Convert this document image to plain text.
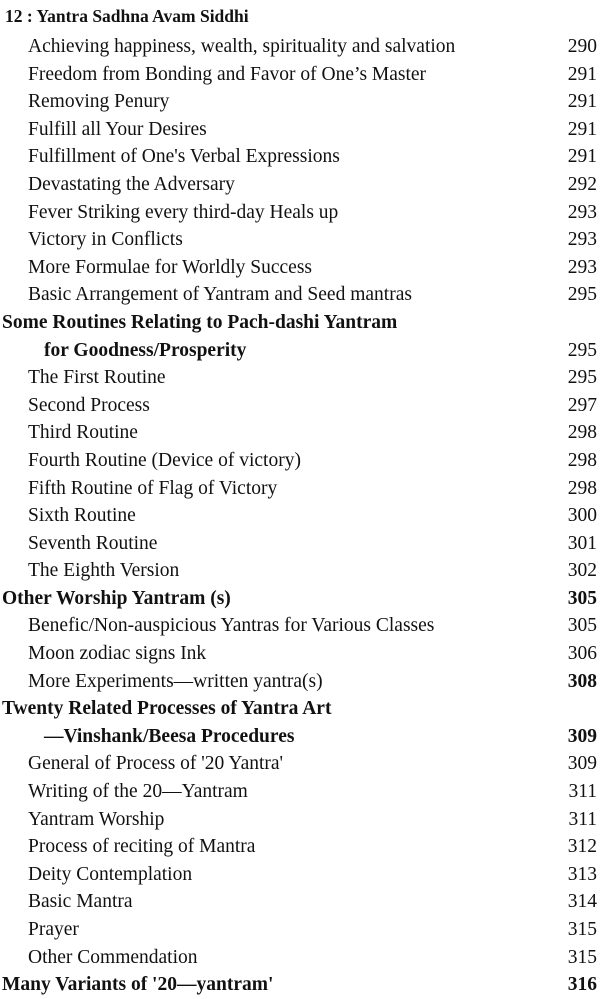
12 : Yantra Sadhna Avam Siddhi
Achieving happiness, wealth, spirituality and salvation	290
Freedom from Bonding and Favor of One’s Master	291
Removing Penury	291
Fulfill all Your Desires	291
Fulfillment of One's Verbal Expressions	291
Devastating the Adversary	292
Fever Striking every third-day Heals up	293
Victory in Conflicts	293
More Formulae for Worldly Success	293
Basic Arrangement of Yantram and Seed mantras	295
Some Routines Relating to Pach-dashi Yantram
for Goodness/Prosperity	295
The First Routine	295
Second Process	297
Third Routine	298
Fourth Routine (Device of victory)	298
Fifth Routine of Flag of Victory	298
Sixth Routine	300
Seventh Routine	301
The Eighth Version	302
Other Worship Yantram (s)	305
Benefic/Non-auspicious Yantras for Various Classes	305
Moon zodiac signs Ink	306
More Experiments—written yantra(s)	308
Twenty Related Processes of Yantra Art
—Vinshank/Beesa Procedures	309
General of Process of '20 Yantra'	309
Writing of the 20—Yantram	311
Yantram Worship	311
Process of reciting of Mantra	312
Deity Contemplation	313
Basic Mantra	314
Prayer	315
Other Commendation	315
Many Variants of '20—yantram'	316
